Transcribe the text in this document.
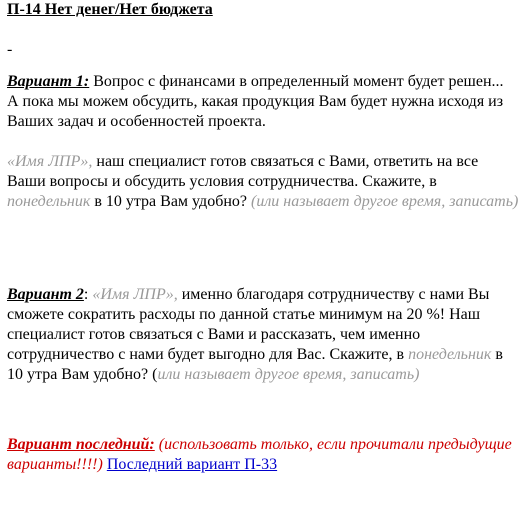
П-14 Нет денег/Нет бюджета
-

Вариант 1: Вопрос с финансами в определенный момент будет решен... А пока мы можем обсудить, какая продукция Вам будет нужна исходя из Ваших задач и особенностей проекта.

«Имя ЛПР», наш специалист готов связаться с Вами, ответить на все Ваши вопросы и обсудить условия сотрудничества. Скажите, в понедельник в 10 утра Вам удобно? (или называет другое время, записать)

Вариант 2: «Имя ЛПР», именно благодаря сотрудничеству с нами Вы сможете сократить расходы по данной статье минимум на 20 %! Наш специалист готов связаться с Вами и рассказать, чем именно сотрудничество с нами будет выгодно для Вас. Скажите, в понедельник в 10 утра Вам удобно? (или называет другое время, записать)

Вариант последний: (использовать только, если прочитали предыдущие варианты!!!!) Последний вариант П-33
